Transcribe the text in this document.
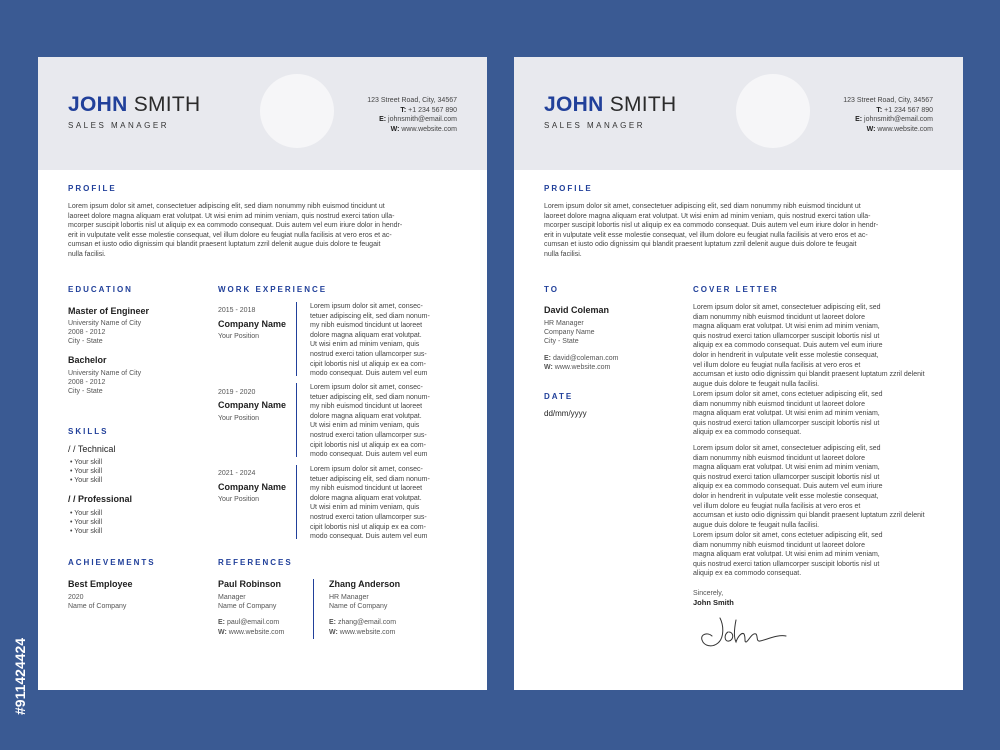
JOHN SMITH
SALES MANAGER
123 Street Road, City, 34567
T: +1 234 567 890
E: johnsmith@email.com
W: www.website.com
PROFILE
Lorem ipsum dolor sit amet, consectetuer adipiscing elit, sed diam nonummy nibh euismod tincidunt ut
laoreet dolore magna aliquam erat volutpat. Ut wisi enim ad minim veniam, quis nostrud exerci tation ulla-
mcorper suscipit lobortis nisl ut aliquip ex ea commodo consequat. Duis autem vel eum iriure dolor in hendr-
erit in vulputate velit esse molestie consequat, vel illum dolore eu feugiat nulla facilisis at vero eros et ac-
cumsan et iusto odio dignissim qui blandit praesent luptatum zzril delenit augue duis dolore te feugait
nulla facilisi.
EDUCATION
Master of Engineer
University Name of City
2008 - 2012
City - State
Bachelor
University Name of City
2008 - 2012
City - State
SKILLS
/ / Technical
• Your skill
• Your skill
• Your skill
/ / Professional
• Your skill
• Your skill
• Your skill
ACHIEVEMENTS
Best Employee
2020
Name of Company
WORK EXPERIENCE
2015 - 2018
Company Name
Your Position
Lorem ipsum dolor sit amet, consec-
tetuer adipiscing elit, sed diam nonum-
my nibh euismod tincidunt ut laoreet
dolore magna aliquam erat volutpat.
Ut wisi enim ad minim veniam, quis
nostrud exerci tation ullamcorper sus-
cipit lobortis nisl ut aliquip ex ea com-
modo consequat. Duis autem vel eum
2019 - 2020
Company Name
Your Position
Lorem ipsum dolor sit amet, consec-
tetuer adipiscing elit, sed diam nonum-
my nibh euismod tincidunt ut laoreet
dolore magna aliquam erat volutpat.
Ut wisi enim ad minim veniam, quis
nostrud exerci tation ullamcorper sus-
cipit lobortis nisl ut aliquip ex ea com-
modo consequat. Duis autem vel eum
2021 - 2024
Company Name
Your Position
Lorem ipsum dolor sit amet, consec-
tetuer adipiscing elit, sed diam nonum-
my nibh euismod tincidunt ut laoreet
dolore magna aliquam erat volutpat.
Ut wisi enim ad minim veniam, quis
nostrud exerci tation ullamcorper sus-
cipit lobortis nisl ut aliquip ex ea com-
modo consequat. Duis autem vel eum
REFERENCES
Paul Robinson
Manager
Name of Company
E: paul@email.com
W: www.website.com
Zhang Anderson
HR Manager
Name of Company
E: zhang@email.com
W: www.website.com
JOHN SMITH
SALES MANAGER
123 Street Road, City, 34567
T: +1 234 567 890
E: johnsmith@email.com
W: www.website.com
PROFILE
Lorem ipsum dolor sit amet, consectetuer adipiscing elit, sed diam nonummy nibh euismod tincidunt ut
laoreet dolore magna aliquam erat volutpat. Ut wisi enim ad minim veniam, quis nostrud exerci tation ulla-
mcorper suscipit lobortis nisl ut aliquip ex ea commodo consequat. Duis autem vel eum iriure dolor in hendr-
erit in vulputate velit esse molestie consequat, vel illum dolore eu feugiat nulla facilisis at vero eros et ac-
cumsan et iusto odio dignissim qui blandit praesent luptatum zzril delenit augue duis dolore te feugait
nulla facilisi.
TO
David Coleman
HR Manager
Company Name
City - State
E: david@coleman.com
W: www.website.com
DATE
dd/mm/yyyy
COVER LETTER
Lorem ipsum dolor sit amet, consectetuer adipiscing elit, sed
diam nonummy nibh euismod tincidunt ut laoreet dolore
magna aliquam erat volutpat. Ut wisi enim ad minim veniam,
quis nostrud exerci tation ullamcorper suscipit lobortis nisl ut
aliquip ex ea commodo consequat. Duis autem vel eum iriure
dolor in hendrerit in vulputate velit esse molestie consequat,
vel illum dolore eu feugiat nulla facilisis at vero eros et
accumsan et iusto odio dignissim qui blandit praesent luptatum zzril delenit
augue duis dolore te feugait nulla facilisi.
Lorem ipsum dolor sit amet, cons ectetuer adipiscing elit, sed
diam nonummy nibh euismod tincidunt ut laoreet dolore
magna aliquam erat volutpat. Ut wisi enim ad minim veniam,
quis nostrud exerci tation ullamcorper suscipit lobortis nisl ut
aliquip ex ea commodo consequat.
Lorem ipsum dolor sit amet, consectetuer adipiscing elit, sed
diam nonummy nibh euismod tincidunt ut laoreet dolore
magna aliquam erat volutpat. Ut wisi enim ad minim veniam,
quis nostrud exerci tation ullamcorper suscipit lobortis nisl ut
aliquip ex ea commodo consequat. Duis autem vel eum iriure
dolor in hendrerit in vulputate velit esse molestie consequat,
vel illum dolore eu feugiat nulla facilisis at vero eros et
accumsan et iusto odio dignissim qui blandit praesent luptatum zzril delenit
augue duis dolore te feugait nulla facilisi.
Lorem ipsum dolor sit amet, cons ectetuer adipiscing elit, sed
diam nonummy nibh euismod tincidunt ut laoreet dolore
magna aliquam erat volutpat. Ut wisi enim ad minim veniam,
quis nostrud exerci tation ullamcorper suscipit lobortis nisl ut
aliquip ex ea commodo consequat.
Sincerely,
John Smith
#911424424
